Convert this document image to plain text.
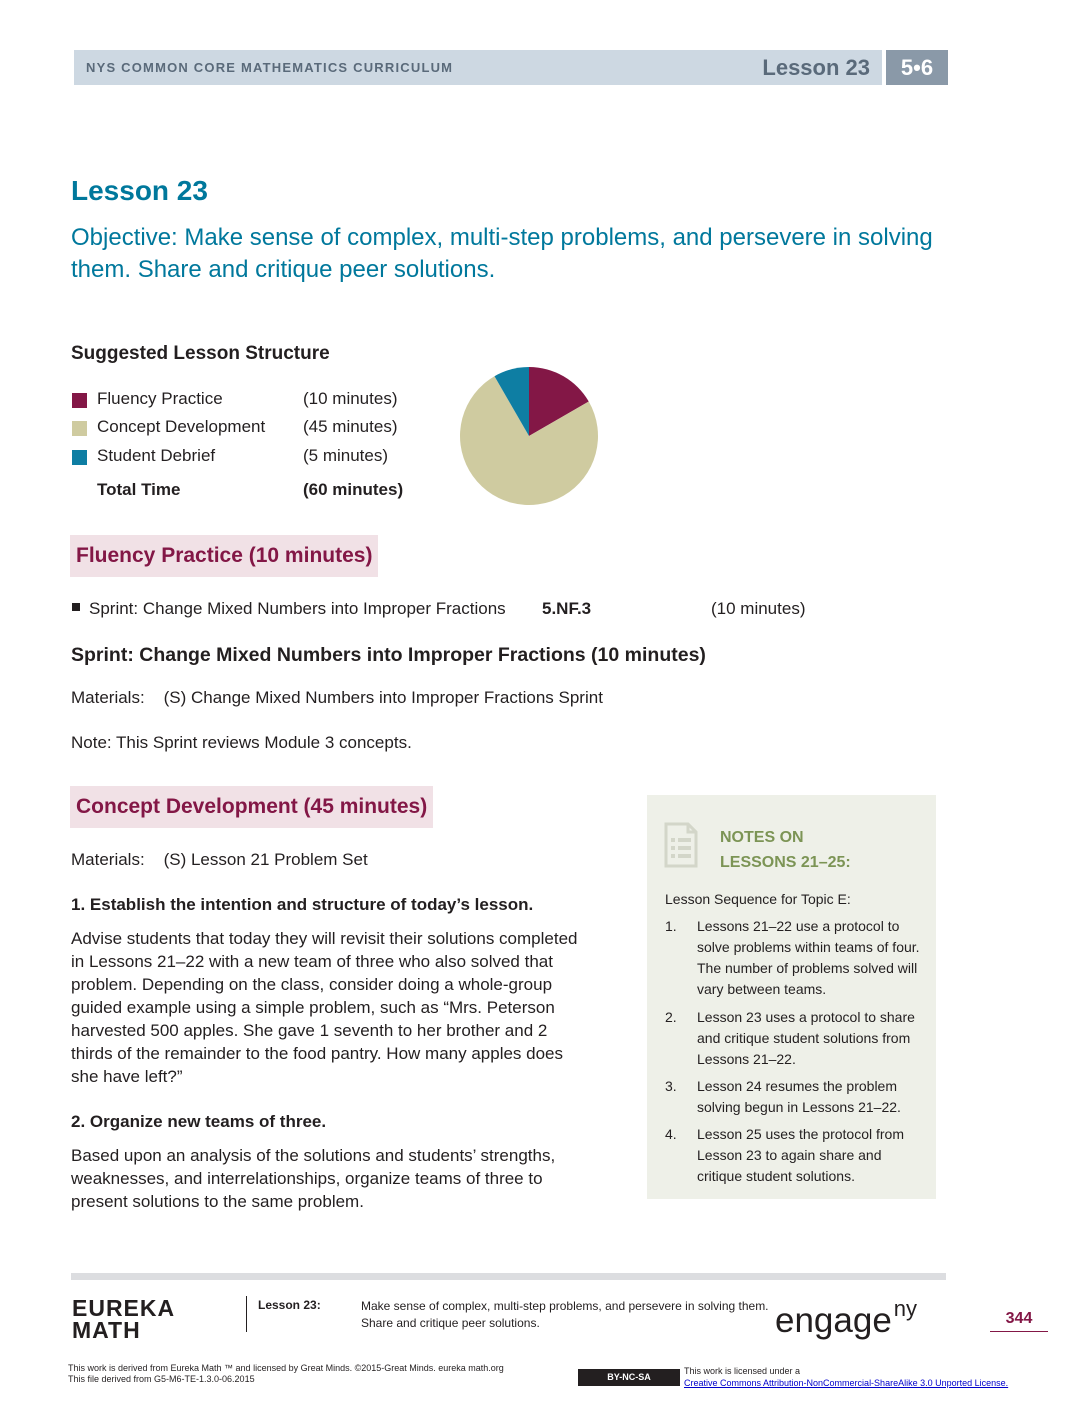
NYS COMMON CORE MATHEMATICS CURRICULUM	Lesson 23	5•6
Lesson 23
Objective: Make sense of complex, multi-step problems, and persevere in solving them. Share and critique peer solutions.
Suggested Lesson Structure
Fluency Practice	(10 minutes)
Concept Development (45 minutes)
Student Debrief	(5 minutes)
Total Time	(60 minutes)
Fluency Practice (10 minutes)
Sprint: Change Mixed Numbers into Improper Fractions 5.NF.3	(10 minutes)
Sprint: Change Mixed Numbers into Improper Fractions (10 minutes)
Materials:    (S) Change Mixed Numbers into Improper Fractions Sprint
Note: This Sprint reviews Module 3 concepts.
Concept Development (45 minutes)
Materials:    (S) Lesson 21 Problem Set
1. Establish the intention and structure of today’s lesson.
Advise students that today they will revisit their solutions completed in Lessons 21–22 with a new team of three who also solved that problem. Depending on the class, consider doing a whole-group guided example using a simple problem, such as “Mrs. Peterson harvested 500 apples. She gave 1 seventh to her brother and 2 thirds of the remainder to the food pantry. How many apples does she have left?”
2. Organize new teams of three.
Based upon an analysis of the solutions and students’ strengths, weaknesses, and interrelationships, organize teams of three to present solutions to the same problem.
NOTES ON
LESSONS 21–25:
Lesson Sequence for Topic E:
1. Lessons 21–22 use a protocol to solve problems within teams of four. The number of problems solved will vary between teams.
2. Lesson 23 uses a protocol to share and critique student solutions from Lessons 21–22.
3. Lesson 24 resumes the problem solving begun in Lessons 21–22.
4. Lesson 25 uses the protocol from Lesson 23 to again share and critique student solutions.
EUREKA
MATH
Lesson 23:	Make sense of complex, multi-step problems, and persevere in solving them. Share and critique peer solutions.	engage$^{ny}$	344
This work is derived from Eureka Math ™ and licensed by Great Minds. ©2015-Great Minds. eureka math.org
This file derived from G5-M6-TE-1.3.0-06.2015	BY-NC-SA
This work is licensed under a
Creative Commons Attribution-NonCommercial-ShareAlike 3.0 Unported License.
